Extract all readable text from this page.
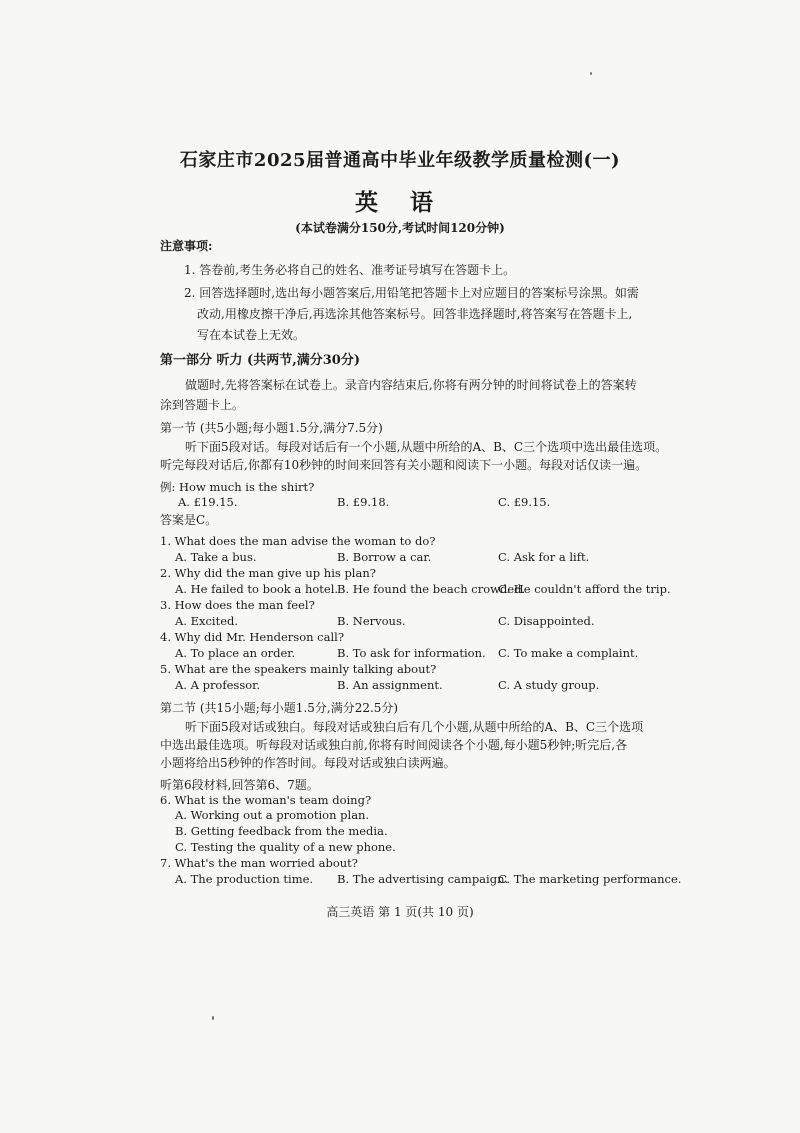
石家庄市2025届普通高中毕业年级教学质量检测(一)
英 语
(本试卷满分150分,考试时间120分钟)
注意事项:
1. 答卷前,考生务必将自己的姓名、准考证号填写在答题卡上。
2. 回答选择题时,选出每小题答案后,用铅笔把答题卡上对应题目的答案标号涂黑。如需
改动,用橡皮擦干净后,再选涂其他答案标号。回答非选择题时,将答案写在答题卡上,
写在本试卷上无效。
第一部分 听力 (共两节,满分30分)
做题时,先将答案标在试卷上。录音内容结束后,你将有两分钟的时间将试卷上的答案转
涂到答题卡上。
第一节 (共5小题;每小题1.5分,满分7.5分)
听下面5段对话。每段对话后有一个小题,从题中所给的A、B、C三个选项中选出最佳选项。
听完每段对话后,你都有10秒钟的时间来回答有关小题和阅读下一小题。每段对话仅读一遍。
例: How much is the shirt?
A. £19.15.	B. £9.18.	C. £9.15.
答案是C。
1. What does the man advise the woman to do?
A. Take a bus.	B. Borrow a car.	C. Ask for a lift.
2. Why did the man give up his plan?
A. He failed to book a hotel.
B. He found the beach crowded.
C. He couldn't afford the trip.
3. How does the man feel?
A. Excited.	B. Nervous.	C. Disappointed.
4. Why did Mr. Henderson call?
A. To place an order.	B. To ask for information. C. To make a complaint.
5. What are the speakers mainly talking about?
A. A professor.	B. An assignment.	C. A study group.
第二节 (共15小题;每小题1.5分,满分22.5分)
听下面5段对话或独白。每段对话或独白后有几个小题,从题中所给的A、B、C三个选项
中选出最佳选项。听每段对话或独白前,你将有时间阅读各个小题,每小题5秒钟;听完后,各
小题将给出5秒钟的作答时间。每段对话或独白读两遍。
听第6段材料,回答第6、7题。
6. What is the woman's team doing?
A. Working out a promotion plan.
B. Getting feedback from the media.
C. Testing the quality of a new phone.
7. What's the man worried about?
A. The production time. B. The advertising campaign.
C. The marketing performance.
高三英语 第 1 页(共 10 页)
